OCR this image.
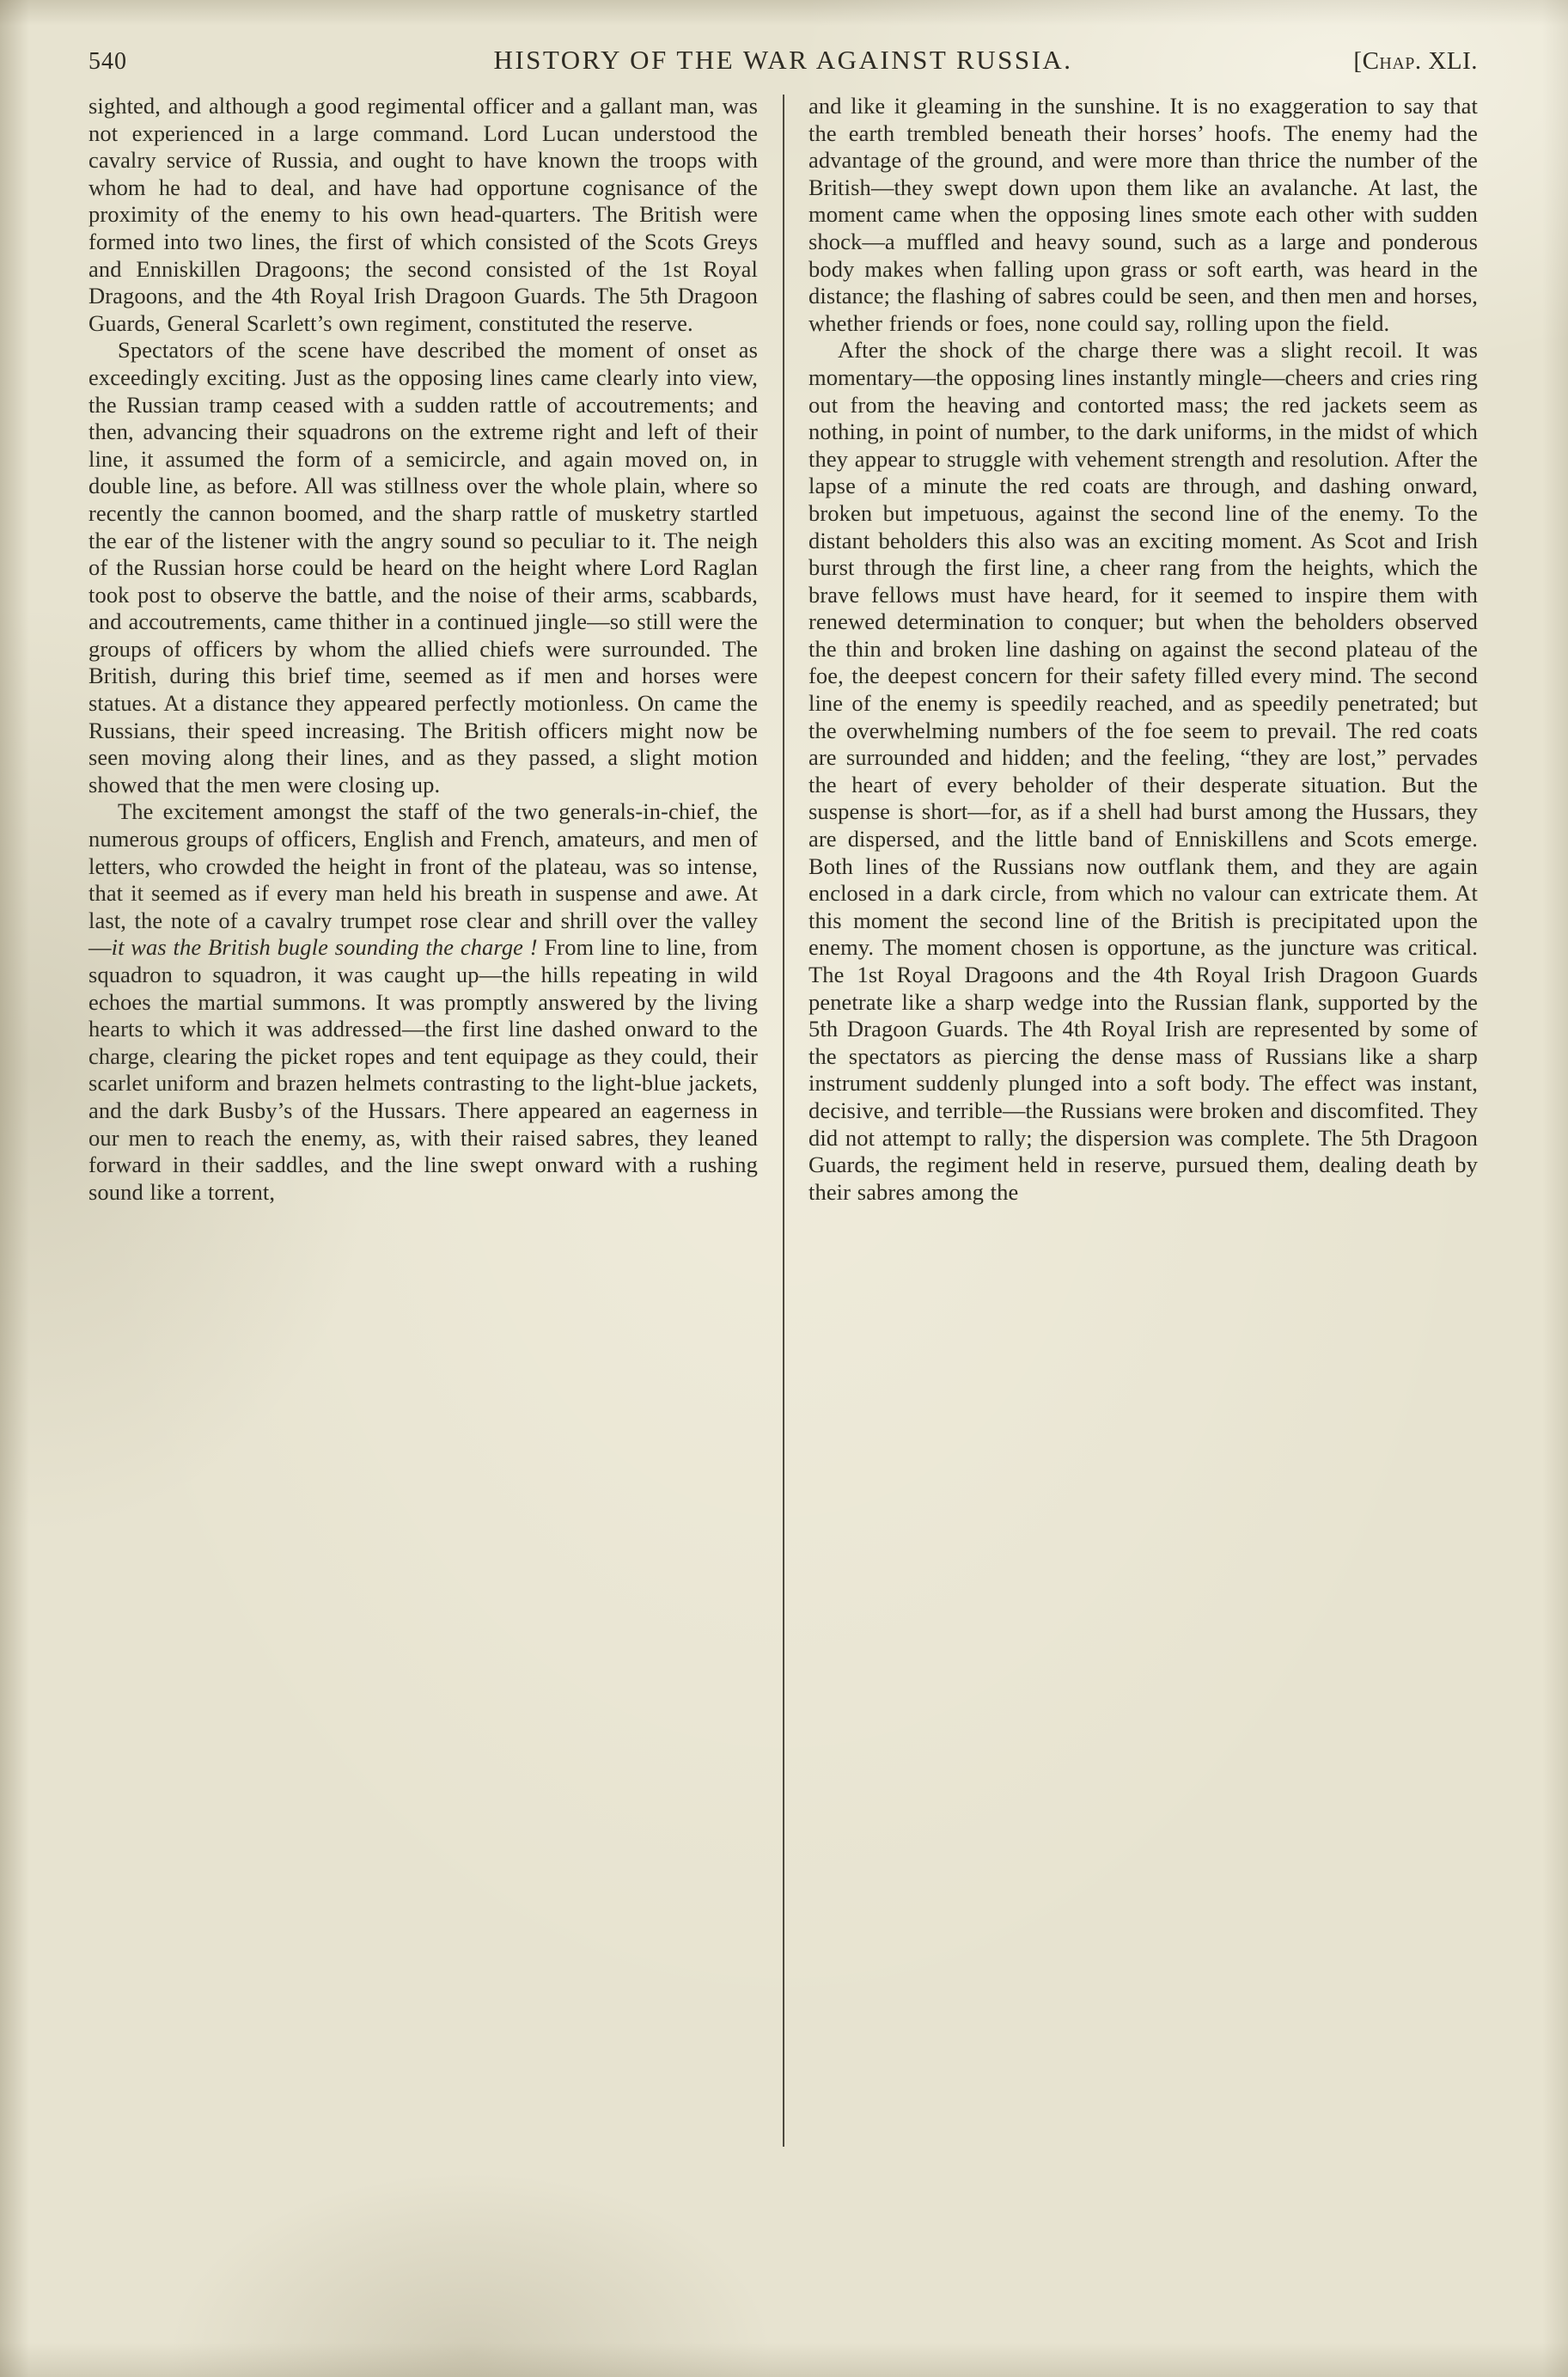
540	HISTORY OF THE WAR AGAINST RUSSIA.	[Chap. XLI.

sighted, and although a good regimental officer and a gallant man, was not experienced in a large command. Lord Lucan understood the cavalry service of Russia, and ought to have known the troops with whom he had to deal, and have had opportune cognisance of the proximity of the enemy to his own head-quarters. The British were formed into two lines, the first of which consisted of the Scots Greys and Enniskillen Dragoons; the second consisted of the 1st Royal Dragoons, and the 4th Royal Irish Dragoon Guards. The 5th Dragoon Guards, General Scarlett’s own regiment, constituted the reserve.

Spectators of the scene have described the moment of onset as exceedingly exciting. Just as the opposing lines came clearly into view, the Russian tramp ceased with a sudden rattle of accoutrements; and then, advancing their squadrons on the extreme right and left of their line, it assumed the form of a semicircle, and again moved on, in double line, as before. All was stillness over the whole plain, where so recently the cannon boomed, and the sharp rattle of musketry startled the ear of the listener with the angry sound so peculiar to it. The neigh of the Russian horse could be heard on the height where Lord Raglan took post to observe the battle, and the noise of their arms, scabbards, and accoutrements, came thither in a continued jingle—so still were the groups of officers by whom the allied chiefs were surrounded. The British, during this brief time, seemed as if men and horses were statues. At a distance they appeared perfectly motionless. On came the Russians, their speed increasing. The British officers might now be seen moving along their lines, and as they passed, a slight motion showed that the men were closing up.

The excitement amongst the staff of the two generals-in-chief, the numerous groups of officers, English and French, amateurs, and men of letters, who crowded the height in front of the plateau, was so intense, that it seemed as if every man held his breath in suspense and awe. At last, the note of a cavalry trumpet rose clear and shrill over the valley—it was the British bugle sounding the charge ! From line to line, from squadron to squadron, it was caught up—the hills repeating in wild echoes the martial summons. It was promptly answered by the living hearts to which it was addressed—the first line dashed onward to the charge, clearing the picket ropes and tent equipage as they could, their scarlet uniform and brazen helmets contrasting to the light-blue jackets, and the dark Busby’s of the Hussars. There appeared an eagerness in our men to reach the enemy, as, with their raised sabres, they leaned forward in their saddles, and the line swept onward with a rushing sound like a torrent,

and like it gleaming in the sunshine. It is no exaggeration to say that the earth trembled beneath their horses’ hoofs. The enemy had the advantage of the ground, and were more than thrice the number of the British—they swept down upon them like an avalanche. At last, the moment came when the opposing lines smote each other with sudden shock—a muffled and heavy sound, such as a large and ponderous body makes when falling upon grass or soft earth, was heard in the distance; the flashing of sabres could be seen, and then men and horses, whether friends or foes, none could say, rolling upon the field.

After the shock of the charge there was a slight recoil. It was momentary—the opposing lines instantly mingle—cheers and cries ring out from the heaving and contorted mass; the red jackets seem as nothing, in point of number, to the dark uniforms, in the midst of which they appear to struggle with vehement strength and resolution. After the lapse of a minute the red coats are through, and dashing onward, broken but impetuous, against the second line of the enemy. To the distant beholders this also was an exciting moment. As Scot and Irish burst through the first line, a cheer rang from the heights, which the brave fellows must have heard, for it seemed to inspire them with renewed determination to conquer; but when the beholders observed the thin and broken line dashing on against the second plateau of the foe, the deepest concern for their safety filled every mind. The second line of the enemy is speedily reached, and as speedily penetrated; but the overwhelming numbers of the foe seem to prevail. The red coats are surrounded and hidden; and the feeling, “they are lost,” pervades the heart of every beholder of their desperate situation. But the suspense is short—for, as if a shell had burst among the Hussars, they are dispersed, and the little band of Enniskillens and Scots emerge. Both lines of the Russians now outflank them, and they are again enclosed in a dark circle, from which no valour can extricate them. At this moment the second line of the British is precipitated upon the enemy. The moment chosen is opportune, as the juncture was critical. The 1st Royal Dragoons and the 4th Royal Irish Dragoon Guards penetrate like a sharp wedge into the Russian flank, supported by the 5th Dragoon Guards. The 4th Royal Irish are represented by some of the spectators as piercing the dense mass of Russians like a sharp instrument suddenly plunged into a soft body. The effect was instant, decisive, and terrible—the Russians were broken and discomfited. They did not attempt to rally; the dispersion was complete. The 5th Dragoon Guards, the regiment held in reserve, pursued them, dealing death by their sabres among the
